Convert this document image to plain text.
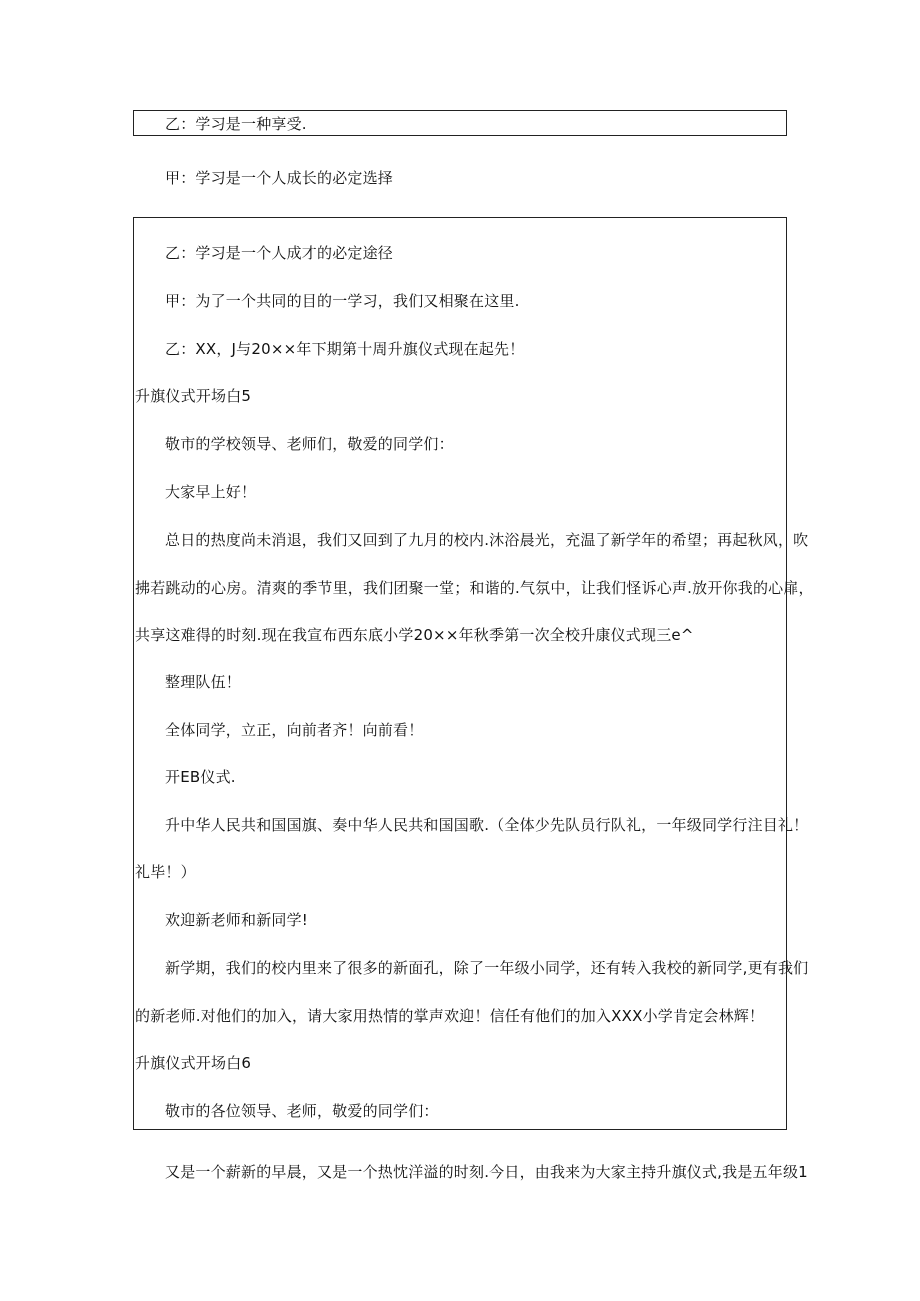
乙：学习是一种享受.
甲：学习是一个人成长的必定选择
乙：学习是一个人成才的必定途径
甲：为了一个共同的目的一学习，我们又相聚在这里.
乙：XX，J与20××年下期第十周升旗仪式现在起先！
升旗仪式开场白5
敬市的学校领导、老师们，敬爱的同学们：
大家早上好！
总日的热度尚未消退，我们又回到了九月的校内.沐浴晨光，充温了新学年的希望；再起秋风，吹
拂若跳动的心房。清爽的季节里，我们团聚一堂；和谐的.气氛中，让我们怪诉心声.放开你我的心扉，
共享这难得的时刻.现在我宣布西东底小学20××年秋季第一次全校升康仪式现三e^
整理队伍！
全体同学，立正，向前者齐！向前看！
开EB仪式.
升中华人民共和国国旗、奏中华人民共和国国歌.（全体少先队员行队礼，一年级同学行注目礼！
礼毕！）
欢迎新老师和新同学!
新学期，我们的校内里来了很多的新面孔，除了一年级小同学，还有转入我校的新同学,更有我们
的新老师.对他们的加入，请大家用热情的掌声欢迎！信任有他们的加入XXX小学肯定会林辉！
升旗仪式开场白6
敬市的各位领导、老师，敬爱的同学们：
又是一个薪新的早晨，又是一个热忱洋溢的时刻.今日，由我来为大家主持升旗仪式,我是五年级1
